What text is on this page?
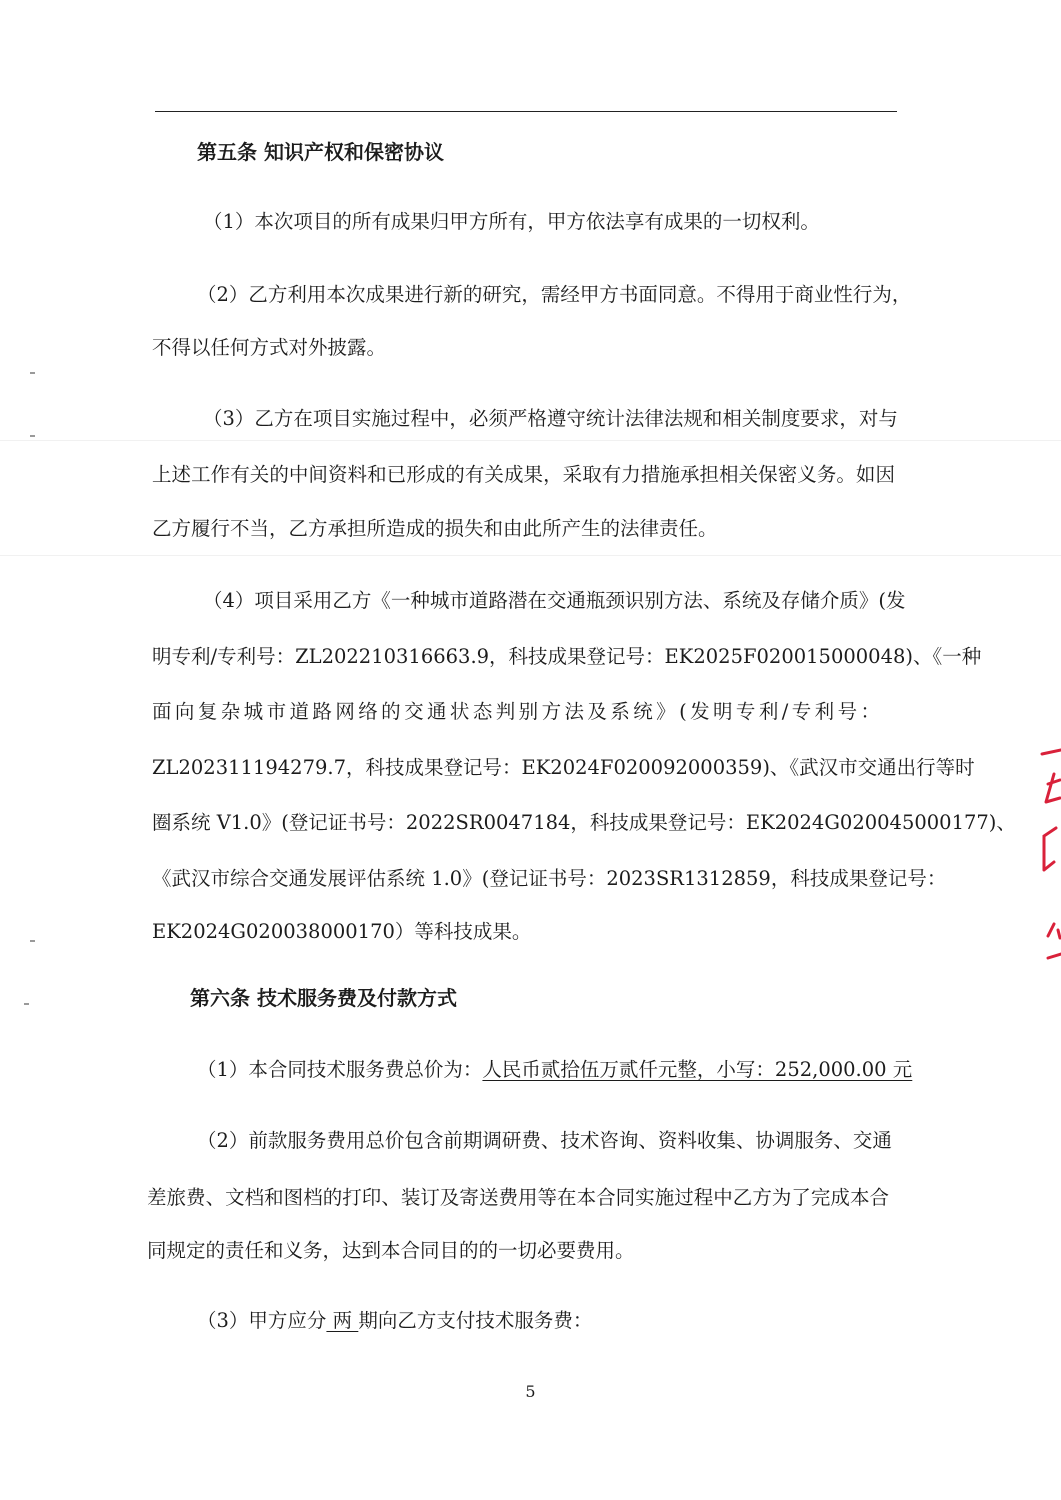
第五条 知识产权和保密协议
（1）本次项目的所有成果归甲方所有，甲方依法享有成果的一切权利。
（2）乙方利用本次成果进行新的研究，需经甲方书面同意。不得用于商业性行为，
不得以任何方式对外披露。
（3）乙方在项目实施过程中，必须严格遵守统计法律法规和相关制度要求，对与
上述工作有关的中间资料和已形成的有关成果，采取有力措施承担相关保密义务。如因
乙方履行不当，乙方承担所造成的损失和由此所产生的法律责任。
（4）项目采用乙方《一种城市道路潜在交通瓶颈识别方法、系统及存储介质》(发
明专利/专利号：ZL202210316663.9，科技成果登记号：EK2025F020015000048)、《一种
面向复杂城市道路网络的交通状态判别方法及系统》(发明专利/专利号：
ZL202311194279.7，科技成果登记号：EK2024F020092000359)、《武汉市交通出行等时
圈系统 V1.0》(登记证书号：2022SR0047184，科技成果登记号：EK2024G020045000177)、
《武汉市综合交通发展评估系统 1.0》(登记证书号：2023SR1312859，科技成果登记号：
EK2024G020038000170）等科技成果。
第六条 技术服务费及付款方式
（1）本合同技术服务费总价为：人民币贰拾伍万贰仟元整，小写：252,000.00 元
（2）前款服务费用总价包含前期调研费、技术咨询、资料收集、协调服务、交通
差旅费、文档和图档的打印、装订及寄送费用等在本合同实施过程中乙方为了完成本合
同规定的责任和义务，达到本合同目的的一切必要费用。
（3）甲方应分 两 期向乙方支付技术服务费：
5
